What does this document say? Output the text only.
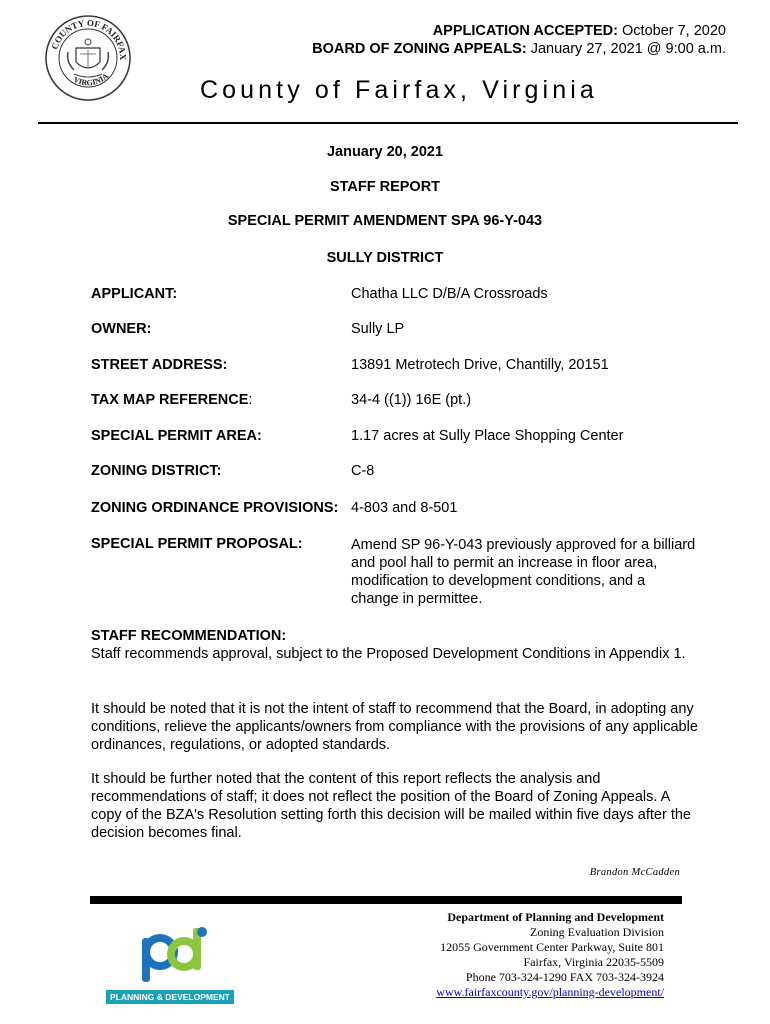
COUNTY OF FAIRFAX
VIRGINIA
APPLICATION ACCEPTED: October 7, 2020
BOARD OF ZONING APPEALS: January 27, 2021 @ 9:00 a.m.
County of Fairfax, Virginia
January 20, 2021
STAFF REPORT
SPECIAL PERMIT AMENDMENT SPA 96-Y-043
SULLY DISTRICT
APPLICANT:	Chatha LLC D/B/A Crossroads
OWNER:	Sully LP
STREET ADDRESS:	13891 Metrotech Drive, Chantilly, 20151
TAX MAP REFERENCE:	34-4 ((1)) 16E (pt.)
SPECIAL PERMIT AREA:	1.17 acres at Sully Place Shopping Center
ZONING DISTRICT:	C-8
ZONING ORDINANCE PROVISIONS: 4-803 and 8-501
SPECIAL PERMIT PROPOSAL:	Amend SP 96-Y-043 previously approved for a billiard and pool hall to permit an increase in floor area, modification to development conditions, and a change in permittee.
STAFF RECOMMENDATION:
Staff recommends approval, subject to the Proposed Development Conditions in Appendix 1.
It should be noted that it is not the intent of staff to recommend that the Board, in adopting any conditions, relieve the applicants/owners from compliance with the provisions of any applicable ordinances, regulations, or adopted standards.
It should be further noted that the content of this report reflects the analysis and recommendations of staff; it does not reflect the position of the Board of Zoning Appeals. A copy of the BZA's Resolution setting forth this decision will be mailed within five days after the decision becomes final.
Brandon McCadden
PLANNING & DEVELOPMENT
Department of Planning and Development
Zoning Evaluation Division
12055 Government Center Parkway, Suite 801
Fairfax, Virginia 22035-5509
Phone 703-324-1290 FAX 703-324-3924
www.fairfaxcounty.gov/planning-development/
